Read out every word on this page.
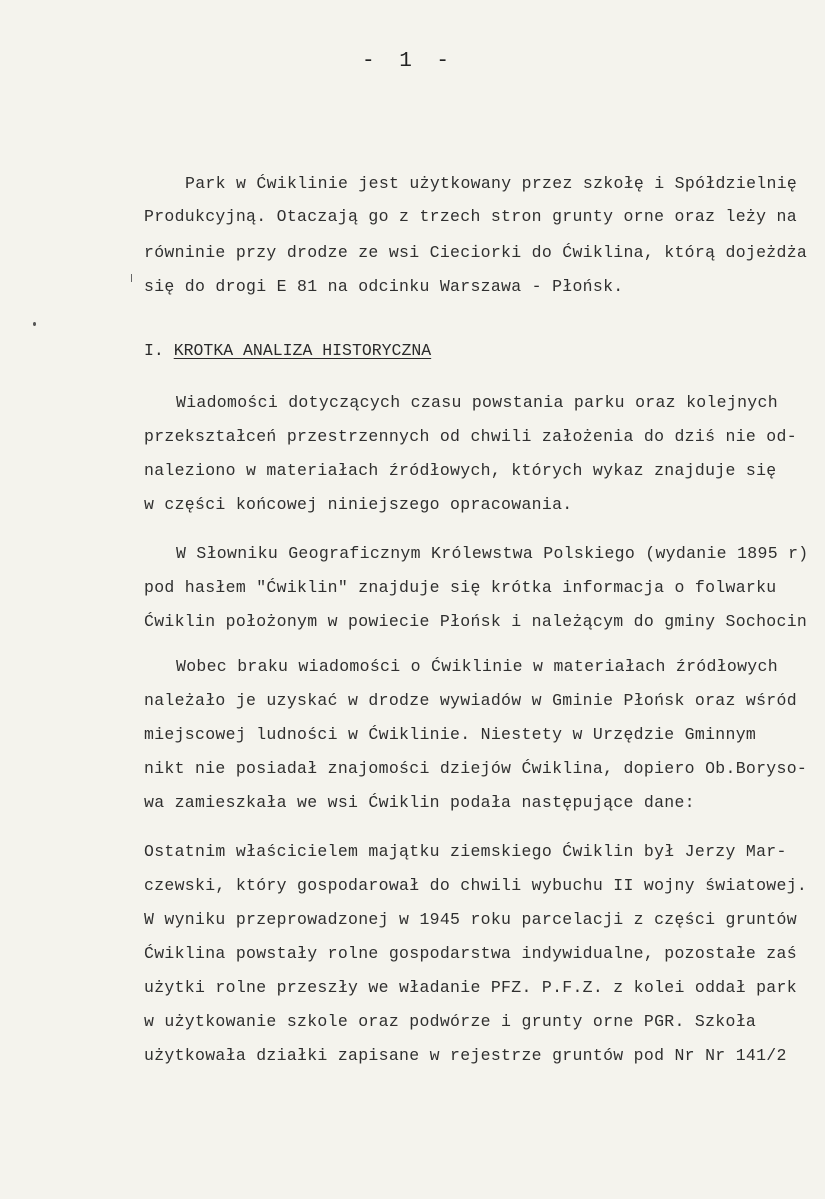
- 1 -
Park w Ćwiklinie jest użytkowany przez szkołę i Spółdzielnię
Produkcyjną. Otaczają go z trzech stron grunty orne oraz leży na
równinie przy drodze ze wsi Ciecіorki do Ćwiklina, którą dojeżdża
się do drogi E 81 na odcinku Warszawa - Płońsk.
I. KROTKA ANALIZA HISTORYCZNA
Wiadomości dotyczących czasu powstania parku oraz kolejnych
przekształceń przestrzennych od chwili założenia do dziś nie od-
naleziono w materiałach źródłowych, których wykaz znajduje się
w części końcowej niniejszego opracowania.
W Słowniku Geograficznym Królewstwa Polskiego (wydanie 1895 r)
pod hasłem "Ćwiklin" znajduje się krótka informacja o folwarku
Ćwiklin położonym w powiecie Płońsk i należącym do gminy Sochocin
Wobec braku wiadomości o Ćwiklinie w materiałach źródłowych
należało je uzyskać w drodze wywiadów w Gminie Płońsk oraz wśród
miejscowej ludności w Ćwiklinie. Niestety w Urzędzie Gminnym
nikt nie posiadał znajomości dziejów Ćwiklina, dopiero Ob.Boryso-
wa zamieszkała we wsi Ćwiklin podała następujące dane:
Ostatnim właścicielem majątku ziemskiego Ćwiklin był Jerzy Mar-
czewski, który gospodarował do chwili wybuchu II wojny światowej.
W wyniku przeprowadzonej w 1945 roku parcelacji z części gruntów
Ćwiklina powstały rolne gospodarstwa indywidualne, pozostałe zaś
użytki rolne przeszły we władanie PFZ. P.F.Z. z kolei oddał park
w użytkowanie szkole oraz podwórze i grunty orne PGR. Szkoła
użytkowała działki zapisane w rejestrze gruntów pod Nr Nr 141/2
